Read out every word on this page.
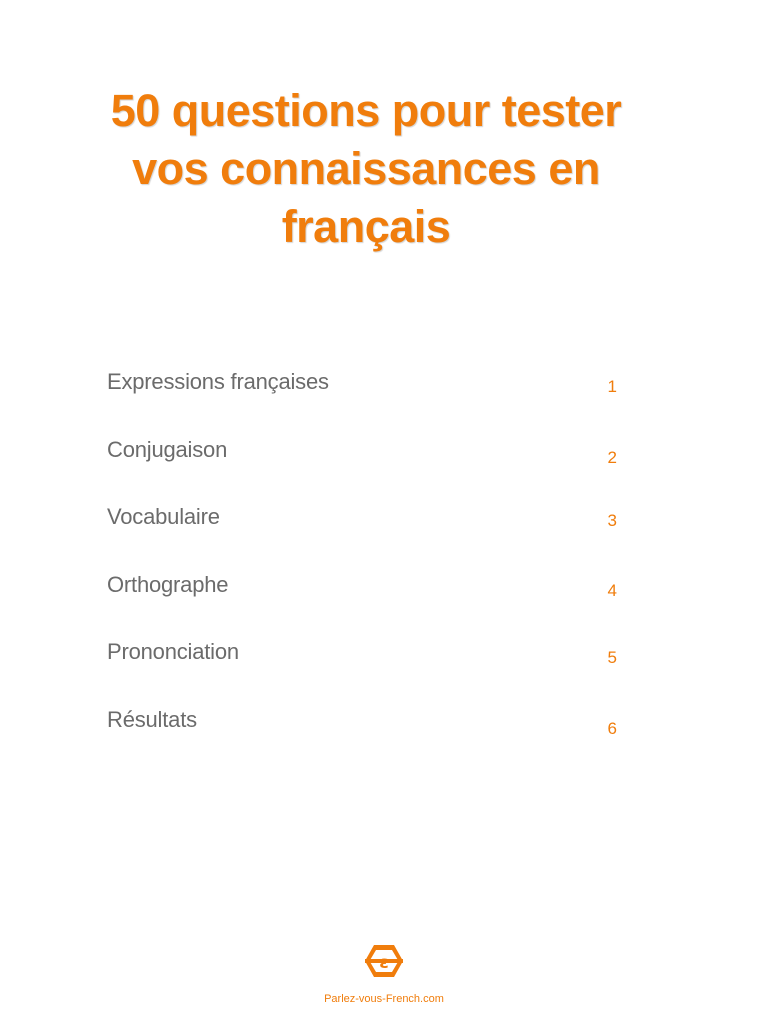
50 questions pour tester
vos connaissances en
français
Expressions françaises	1
Conjugaison	2
Vocabulaire	3
Orthographe	4
Prononciation	5
Résultats	6
ɛ
Parlez-vous-French.com
